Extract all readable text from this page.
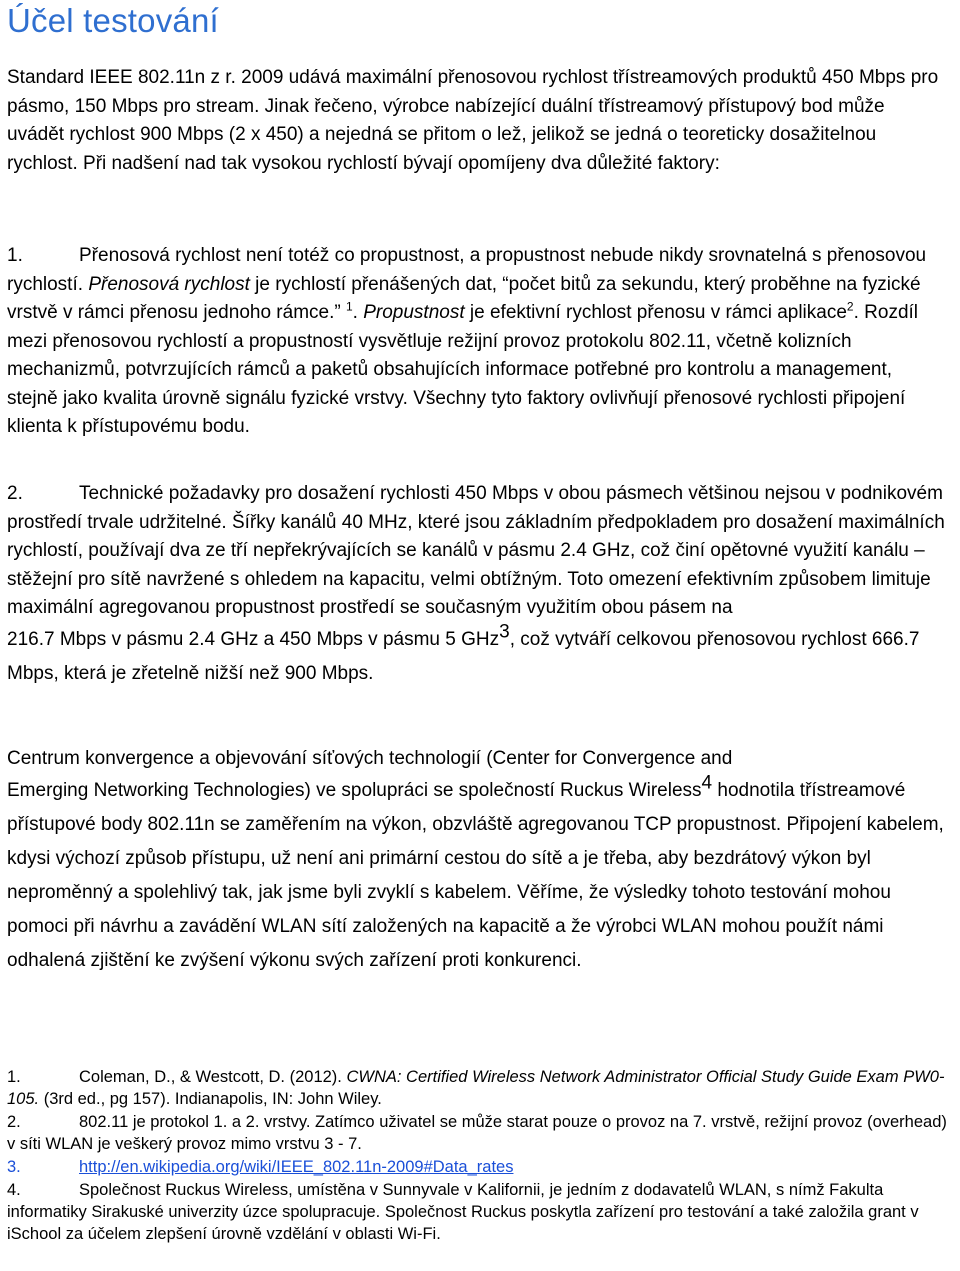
Účel testování
Standard IEEE 802.11n z r. 2009 udává maximální přenosovou rychlost třístreamových produktů 450 Mbps pro pásmo, 150 Mbps pro stream. Jinak řečeno, výrobce nabízející duální třístreamový přístupový bod může uvádět rychlost 900 Mbps (2 x 450) a nejedná se přitom o lež, jelikož se jedná o teoreticky dosažitelnou rychlost. Při nadšení nad tak vysokou rychlostí bývají opomíjeny dva důležité faktory:
1.	Přenosová rychlost není totéž co propustnost, a propustnost nebude nikdy srovnatelná s přenosovou rychlostí. Přenosová rychlost je rychlostí přenášených dat, “počet bitů za sekundu, který proběhne na fyzické vrstvě v rámci přenosu jednoho rámce.” $^1$. Propustnost je efektivní rychlost přenosu v rámci aplikace$^2$. Rozdíl mezi přenosovou rychlostí a propustností vysvětluje režijní provoz protokolu 802.11, včetně kolizních mechanizmů, potvrzujících rámců a paketů obsahujících informace potřebné pro kontrolu a management, stejně jako kvalita úrovně signálu fyzické vrstvy. Všechny tyto faktory ovlivňují přenosové rychlosti připojení klienta k přístupovému bodu.
2.	Technické požadavky pro dosažení rychlosti 450 Mbps v obou pásmech většinou nejsou v podnikovém prostředí trvale udržitelné. Šířky kanálů 40 MHz, které jsou základním předpokladem pro dosažení maximálních rychlostí, používají dva ze tří nepřekrývajících se kanálů v pásmu 2.4 GHz, což činí opětovné využití kanálu – stěžejní pro sítě navržené s ohledem na kapacitu, velmi obtížným. Toto omezení efektivním způsobem limituje maximální agregovanou propustnost prostředí se současným využitím obou pásem na
216.7 Mbps v pásmu 2.4 GHz a 450 Mbps v pásmu 5 GHz$^3$, což vytváří celkovou přenosovou rychlost 666.7 Mbps, která je zřetelně nižší než 900 Mbps.
Centrum konvergence a objevování síťových technologií (Center for Convergence and
Emerging Networking Technologies) ve spolupráci se společností Ruckus Wireless$^4$ hodnotila třístreamové přístupové body 802.11n se zaměřením na výkon, obzvláště agregovanou TCP propustnost. Připojení kabelem, kdysi výchozí způsob přístupu, už není ani primární cestou do sítě a je třeba, aby bezdrátový výkon byl neproměnný a spolehlivý tak, jak jsme byli zvyklí s kabelem. Věříme, že výsledky tohoto testování mohou pomoci při návrhu a zavádění WLAN sítí založených na kapacitě a že výrobci WLAN mohou použít námi odhalená zjištění ke zvýšení výkonu svých zařízení proti konkurenci.
1.	Coleman, D., & Westcott, D. (2012). CWNA: Certified Wireless Network Administrator Official Study Guide Exam PW0-105. (3rd ed., pg 157). Indianapolis, IN: John Wiley.
2.	802.11 je protokol 1. a 2. vrstvy. Zatímco uživatel se může starat pouze o provoz na 7. vrstvě, režijní provoz (overhead) v síti WLAN je veškerý provoz mimo vrstvu 3 - 7.
3.	http://en.wikipedia.org/wiki/IEEE_802.11n-2009#Data_rates
4.	Společnost Ruckus Wireless, umístěna v Sunnyvale v Kalifornii, je jedním z dodavatelů WLAN, s nímž Fakulta informatiky Sirakuské univerzity úzce spolupracuje. Společnost Ruckus poskytla zařízení pro testování a také založila grant v iSchool za účelem zlepšení úrovně vzdělání v oblasti Wi-Fi.
